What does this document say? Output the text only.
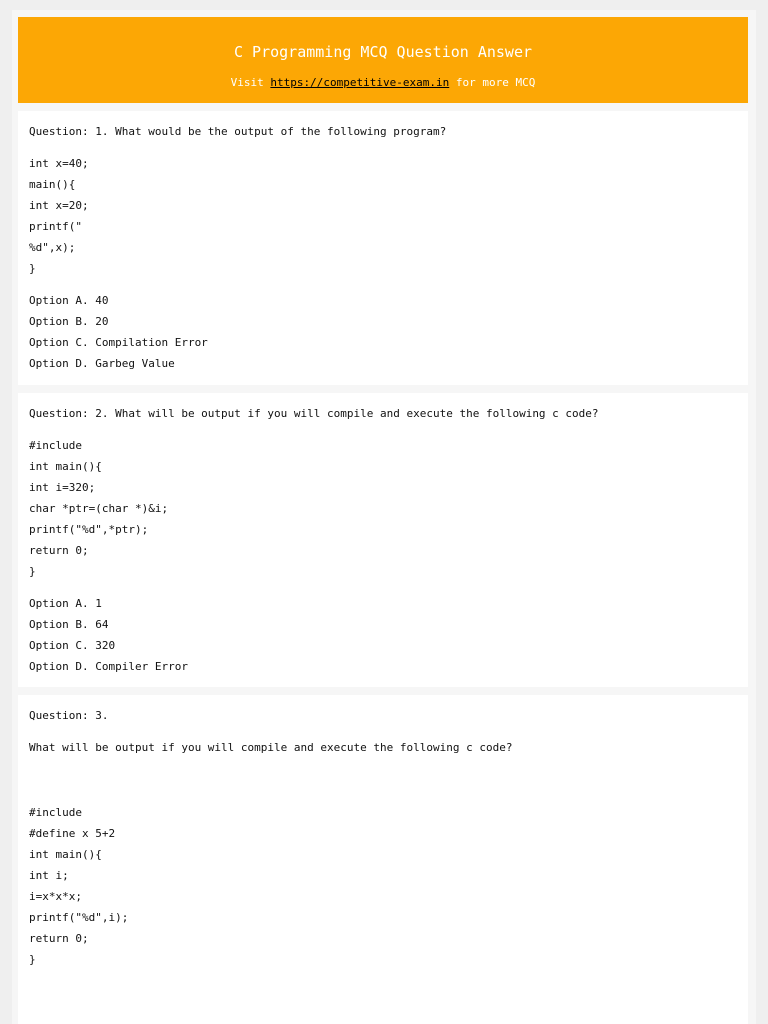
C Programming MCQ Question Answer
Visit https://competitive-exam.in for more MCQ
Question: 1. What would be the output of the following program?
int x=40;
main(){
int x=20;
printf("
%d",x);
}
Option A. 40
Option B. 20
Option C. Compilation Error
Option D. Garbeg Value
Question: 2. What will be output if you will compile and execute the following c code?
#include
int main(){
int i=320;
char *ptr=(char *)&i;
printf("%d",*ptr);
return 0;
}
Option A. 1
Option B. 64
Option C. 320
Option D. Compiler Error
Question: 3.
What will be output if you will compile and execute the following c code?
#include
#define x 5+2
int main(){
int i;
i=x*x*x;
printf("%d",i);
return 0;
}
